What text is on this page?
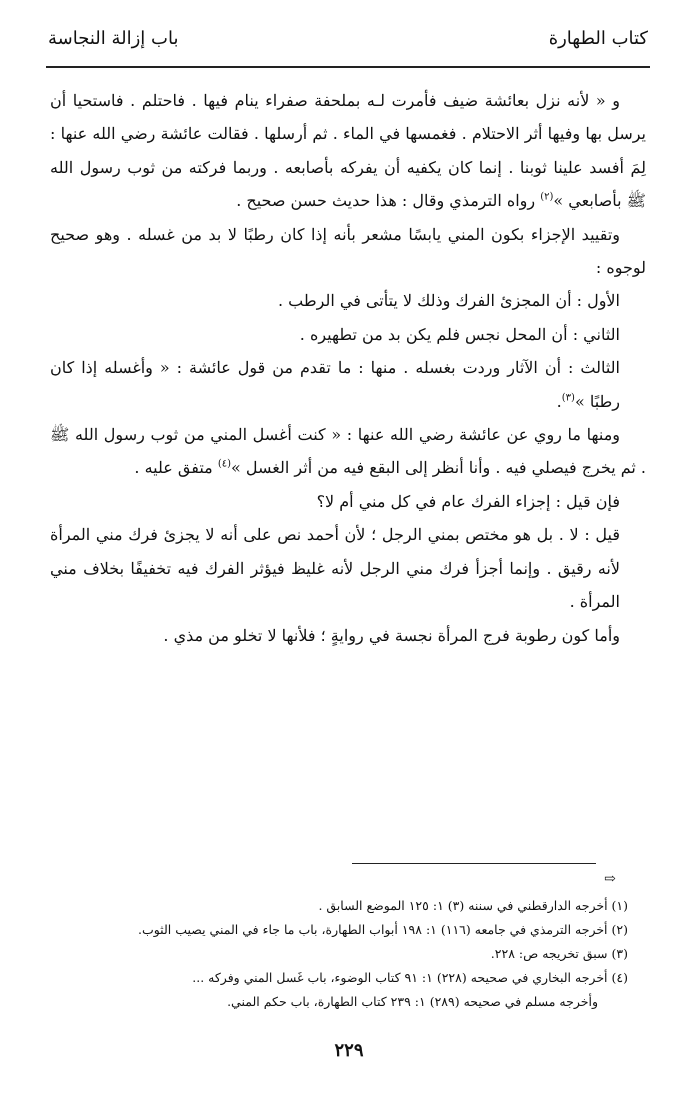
كتاب الطهارة
باب إزالة النجاسة

و « لأنه نزل بعائشة ضيف فأمرت لـه بملحفة صفراء ينام فيها . فاحتلم . فاستحيا أن يرسل بها وفيها أثر الاحتلام . فغمسها في الماء . ثم أرسلها . فقالت عائشة رضي الله عنها : لِمَ أفسد علينا ثوبنا . إنما كان يكفيه أن يفركه بأصابعه . وربما فركته من ثوب رسول الله ﷺ بأصابعي »$^{(٢)}$ رواه الترمذي وقال : هذا حديث حسن صحيح .

وتقييد الإجزاء بكون المني يابسًا مشعر بأنه إذا كان رطبًا لا بد من غسله . وهو صحيح لوجوه :

الأول : أن المجزئ الفرك وذلك لا يتأتى في الرطب .

الثاني : أن المحل نجس فلم يكن بد من تطهيره .

الثالث : أن الآثار وردت بغسله . منها : ما تقدم من قول عائشة : « وأغسله إذا كان رطبًا »$^{(٣)}$.

ومنها ما روي عن عائشة رضي الله عنها : « كنت أغسل المني من ثوب رسول الله ﷺ . ثم يخرج فيصلي فيه . وأنا أنظر إلى البقع فيه من أثر الغسل »$^{(٤)}$ متفق عليه .

فإن قيل : إجزاء الفرك عام في كل مني أم لا؟

قيل : لا . بل هو مختص بمني الرجل ؛ لأن أحمد نص على أنه لا يجزئ فرك مني المرأة لأنه رقيق . وإنما أجزأ فرك مني الرجل لأنه غليظ فيؤثر الفرك فيه تخفيفًا بخلاف مني المرأة .

وأما كون رطوبة فرج المرأة نجسة في روايةٍ ؛ فلأنها لا تخلو من مذي .

⇨
(١) أخرجه الدارقطني في سننه (٣) ١: ١٢٥ الموضع السابق .
(٢) أخرجه الترمذي في جامعه (١١٦) ١: ١٩٨ أبواب الطهارة، باب ما جاء في المني يصيب الثوب.
(٣) سبق تخريجه ص: ٢٢٨.
(٤) أخرجه البخاري في صحيحه (٢٢٨) ١: ٩١ كتاب الوضوء، باب غَسل المني وفركه ...
وأخرجه مسلم في صحيحه (٢٨٩) ١: ٢٣٩ كتاب الطهارة، باب حكم المني.
٢٢٩
